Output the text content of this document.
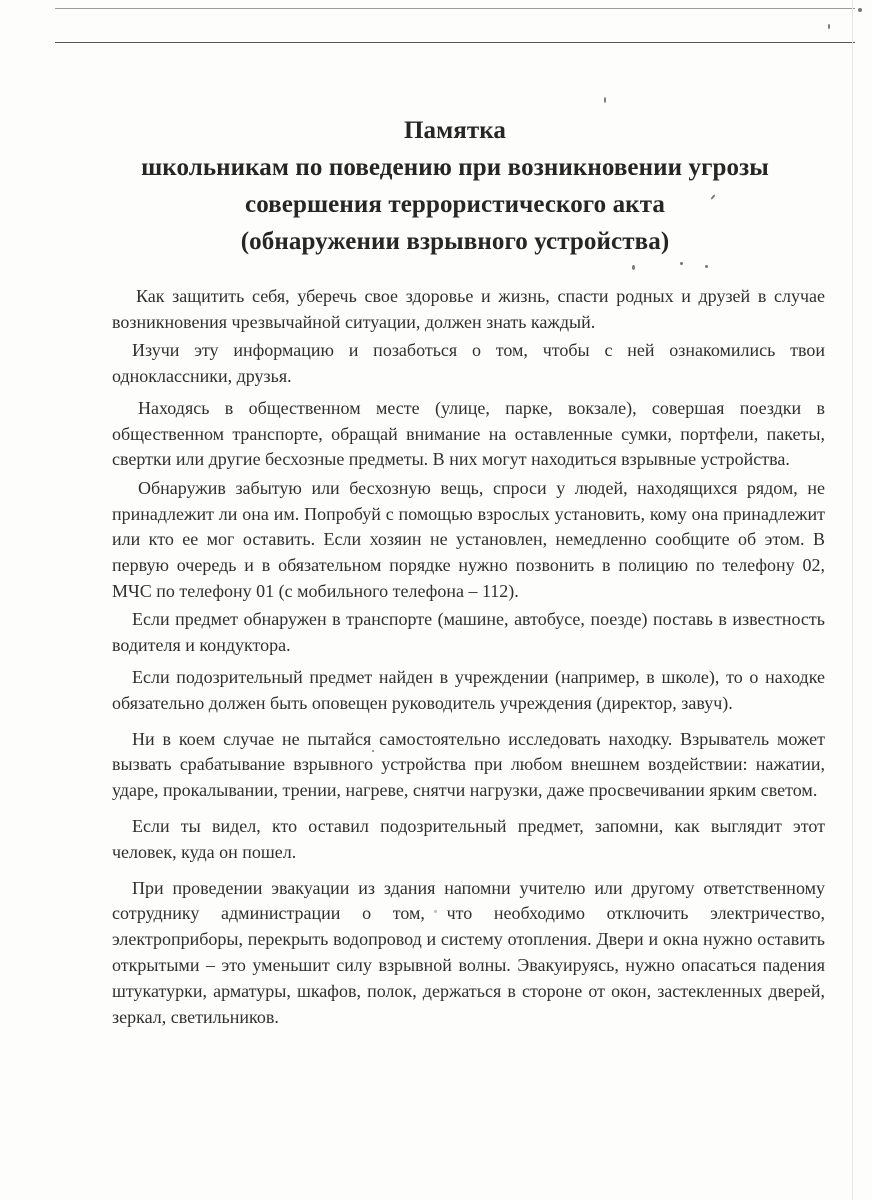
Памятка
школьникам по поведению при возникновении угрозы
совершения террористического акта
(обнаружении взрывного устройства)

Как защитить себя, уберечь свое здоровье и жизнь, спасти родных и друзей в случае возникновения чрезвычайной ситуации, должен знать каждый.

Изучи эту информацию и позаботься о том, чтобы с ней ознакомились твои одноклассники, друзья.

Находясь в общественном месте (улице, парке, вокзале), совершая поездки в общественном транспорте, обращай внимание на оставленные сумки, портфели, пакеты, свертки или другие бесхозные предметы. В них могут находиться взрывные устройства.

Обнаружив забытую или бесхозную вещь, спроси у людей, находящихся рядом, не принадлежит ли она им. Попробуй с помощью взрослых установить, кому она принадлежит или кто ее мог оставить. Если хозяин не установлен, немедленно сообщите об этом. В первую очередь и в обязательном порядке нужно позвонить в полицию по телефону 02, МЧС по телефону 01 (с мобильного телефона – 112).

Если предмет обнаружен в транспорте (машине, автобусе, поезде) поставь в известность водителя и кондуктора.

Если подозрительный предмет найден в учреждении (например, в школе), то о находке обязательно должен быть оповещен руководитель учреждения (директор, завуч).

Ни в коем случае не пытайся самостоятельно исследовать находку. Взрыватель может вызвать срабатывание взрывного устройства при любом внешнем воздействии: нажатии, ударе, прокалывании, трении, нагреве, снятчи нагрузки, даже просвечивании ярким светом.

Если ты видел, кто оставил подозрительный предмет, запомни, как выглядит этот человек, куда он пошел.

При проведении эвакуации из здания напомни учителю или другому ответственному сотруднику администрации о том, что необходимо отключить электричество, электроприборы, перекрыть водопровод и систему отопления. Двери и окна нужно оставить открытыми – это уменьшит силу взрывной волны. Эвакуируясь, нужно опасаться падения штукатурки, арматуры, шкафов, полок, держаться в стороне от окон, застекленных дверей, зеркал, светильников.
